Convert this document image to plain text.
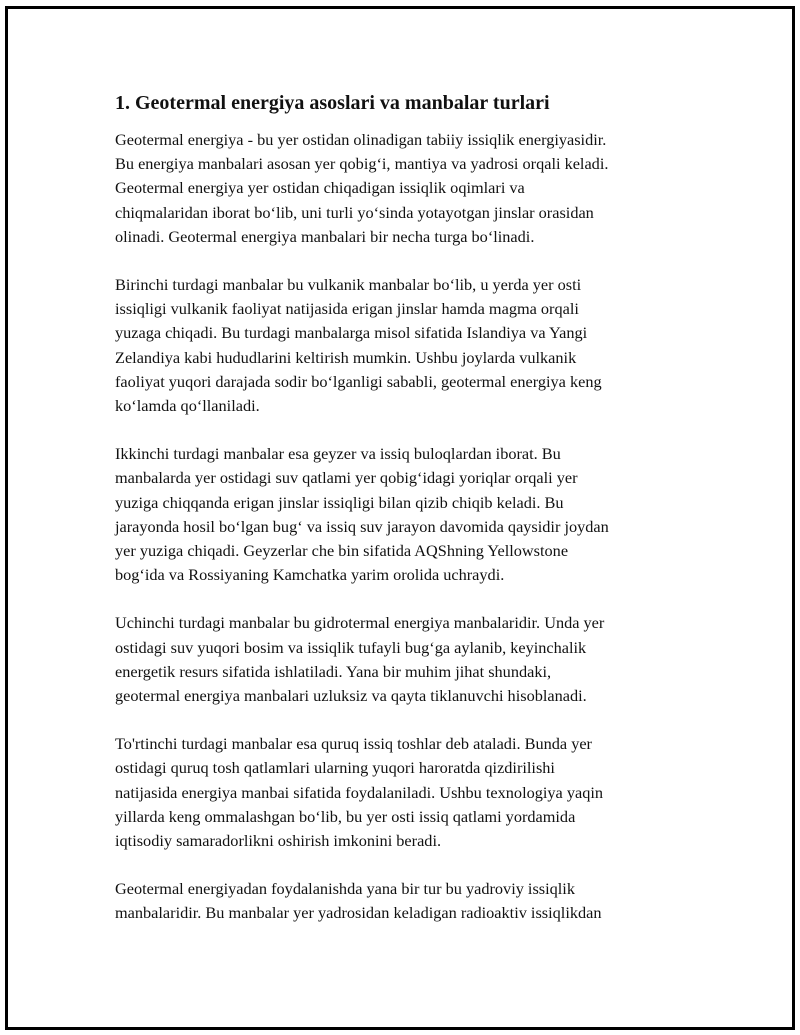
1. Geotermal energiya asoslari va manbalar turlari
Geotermal energiya - bu yer ostidan olinadigan tabiiy issiqlik energiyasidir.
Bu energiya manbalari asosan yer qobig‘i, mantiya va yadrosi orqali keladi.
Geotermal energiya yer ostidan chiqadigan issiqlik oqimlari va
chiqmalaridan iborat bo‘lib, uni turli yo‘sinda yotayotgan jinslar orasidan
olinadi. Geotermal energiya manbalari bir necha turga bo‘linadi.
Birinchi turdagi manbalar bu vulkanik manbalar bo‘lib, u yerda yer osti
issiqligi vulkanik faoliyat natijasida erigan jinslar hamda magma orqali
yuzaga chiqadi. Bu turdagi manbalarga misol sifatida Islandiya va Yangi
Zelandiya kabi hududlarini keltirish mumkin. Ushbu joylarda vulkanik
faoliyat yuqori darajada sodir bo‘lganligi sababli, geotermal energiya keng
ko‘lamda qo‘llaniladi.
Ikkinchi turdagi manbalar esa geyzer va issiq buloqlardan iborat. Bu
manbalarda yer ostidagi suv qatlami yer qobig‘idagi yoriqlar orqali yer
yuziga chiqqanda erigan jinslar issiqligi bilan qizib chiqib keladi. Bu
jarayonda hosil bo‘lgan bug‘ va issiq suv jarayon davomida qaysidir joydan
yer yuziga chiqadi. Geyzerlar che bin sifatida AQShning Yellowstone
bog‘ida va Rossiyaning Kamchatka yarim orolida uchraydi.
Uchinchi turdagi manbalar bu gidrotermal energiya manbalaridir. Unda yer
ostidagi suv yuqori bosim va issiqlik tufayli bug‘ga aylanib, keyinchalik
energetik resurs sifatida ishlatiladi. Yana bir muhim jihat shundaki,
geotermal energiya manbalari uzluksiz va qayta tiklanuvchi hisoblanadi.
To'rtinchi turdagi manbalar esa quruq issiq toshlar deb ataladi. Bunda yer
ostidagi quruq tosh qatlamlari ularning yuqori haroratda qizdirilishi
natijasida energiya manbai sifatida foydalaniladi. Ushbu texnologiya yaqin
yillarda keng ommalashgan bo‘lib, bu yer osti issiq qatlami yordamida
iqtisodiy samaradorlikni oshirish imkonini beradi.
Geotermal energiyadan foydalanishda yana bir tur bu yadroviy issiqlik
manbalaridir. Bu manbalar yer yadrosidan keladigan radioaktiv issiqlikdan
